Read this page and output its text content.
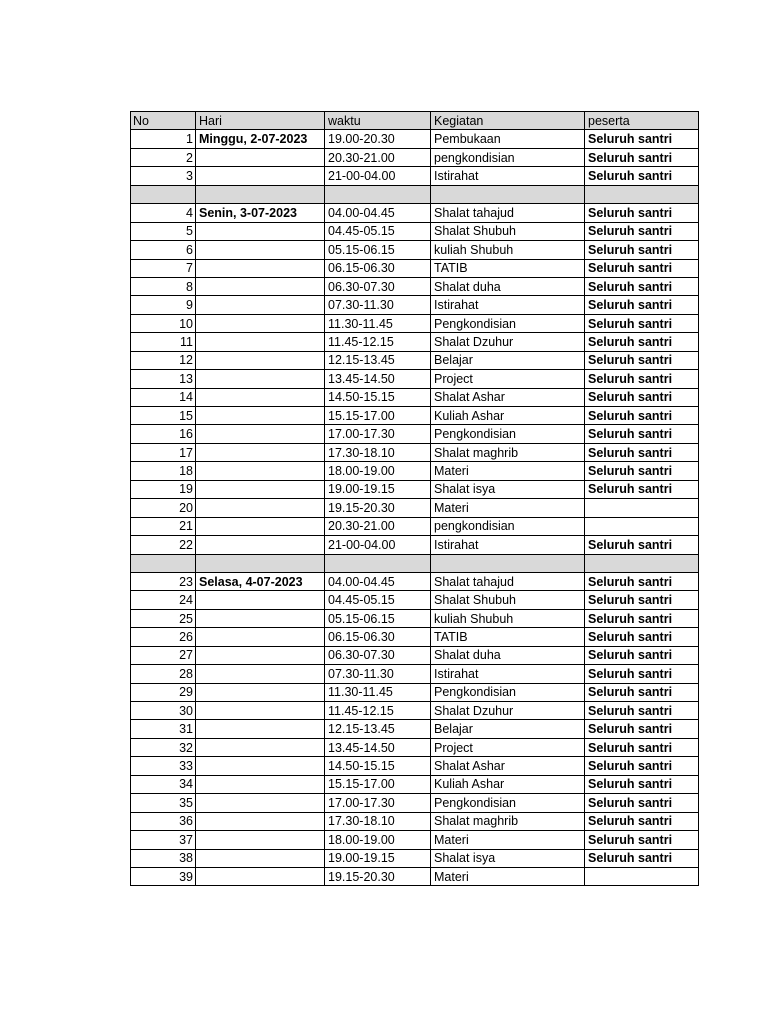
No	Hari	waktu	Kegiatan	peserta
1	Minggu, 2-07-2023	19.00-20.30	Pembukaan	Seluruh santri
2		20.30-21.00	pengkondisian	Seluruh santri
3		21-00-04.00	Istirahat	Seluruh santri

4	Senin, 3-07-2023	04.00-04.45	Shalat tahajud	Seluruh santri
5		04.45-05.15	Shalat Shubuh	Seluruh santri
6		05.15-06.15	kuliah Shubuh	Seluruh santri
7		06.15-06.30	TATIB	Seluruh santri
8		06.30-07.30	Shalat duha	Seluruh santri
9		07.30-11.30	Istirahat	Seluruh santri
10		11.30-11.45	Pengkondisian	Seluruh santri
11		11.45-12.15	Shalat Dzuhur	Seluruh santri
12		12.15-13.45	Belajar	Seluruh santri
13		13.45-14.50	Project	Seluruh santri
14		14.50-15.15	Shalat Ashar	Seluruh santri
15		15.15-17.00	Kuliah Ashar	Seluruh santri
16		17.00-17.30	Pengkondisian	Seluruh santri
17		17.30-18.10	Shalat maghrib	Seluruh santri
18		18.00-19.00	Materi	Seluruh santri
19		19.00-19.15	Shalat isya	Seluruh santri
20		19.15-20.30	Materi	
21		20.30-21.00	pengkondisian	
22		21-00-04.00	Istirahat	Seluruh santri

23	Selasa, 4-07-2023	04.00-04.45	Shalat tahajud	Seluruh santri
24		04.45-05.15	Shalat Shubuh	Seluruh santri
25		05.15-06.15	kuliah Shubuh	Seluruh santri
26		06.15-06.30	TATIB	Seluruh santri
27		06.30-07.30	Shalat duha	Seluruh santri
28		07.30-11.30	Istirahat	Seluruh santri
29		11.30-11.45	Pengkondisian	Seluruh santri
30		11.45-12.15	Shalat Dzuhur	Seluruh santri
31		12.15-13.45	Belajar	Seluruh santri
32		13.45-14.50	Project	Seluruh santri
33		14.50-15.15	Shalat Ashar	Seluruh santri
34		15.15-17.00	Kuliah Ashar	Seluruh santri
35		17.00-17.30	Pengkondisian	Seluruh santri
36		17.30-18.10	Shalat maghrib	Seluruh santri
37		18.00-19.00	Materi	Seluruh santri
38		19.00-19.15	Shalat isya	Seluruh santri
39		19.15-20.30	Materi	
